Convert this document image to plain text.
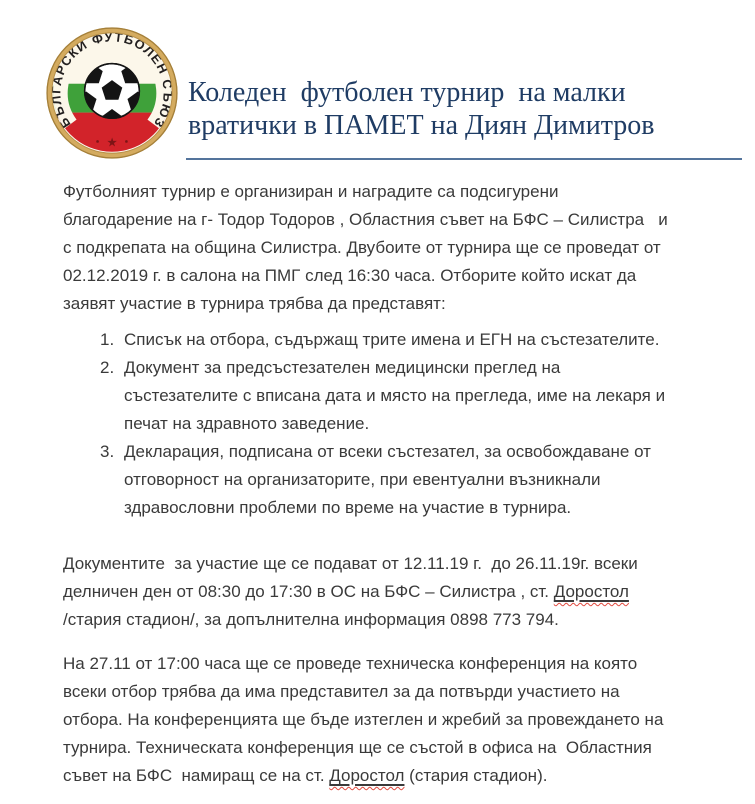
БЪЛГАРСКИ ФУТБОЛЕН СЪЮЗ
★
Коледен  футболен турнир  на малки
вратички в ПАМЕТ на Диян Димитров
Футболният турнир е организиран и наградите са подсигурени
благодарение на г- Тодор Тодоров , Областния съвет на БФС – Силистра   и
с подкрепата на община Силистра. Двубоите от турнира ще се проведат от
02.12.2019 г. в салона на ПМГ след 16:30 часа. Отборите който искат да
заявят участие в турнира трябва да представят:
1. Списък на отбора, съдържащ трите имена и ЕГН на състезателите.
2. Документ за предсъстезателен медицински преглед на
състезателите с вписана дата и място на прегледа, име на лекаря и
печат на здравното заведение.
3. Декларация, подписана от всеки състезател, за освобождаване от
отговорност на организаторите, при евентуални възникнали
здравословни проблеми по време на участие в турнира.
Документите  за участие ще се подават от 12.11.19 г.  до 26.11.19г. всеки
делничен ден от 08:30 до 17:30 в ОС на БФС – Силистра , ст. Доростол
/стария стадион/, за допълнителна информация 0898 773 794.
На 27.11 от 17:00 часа ще се проведе техническа конференция на която
всеки отбор трябва да има представител за да потвърди участието на
отбора. На конференцията ще бъде изтеглен и жребий за провеждането на
турнира. Техническата конференция ще се състой в офиса на  Областния
съвет на БФС  намиращ се на ст. Доростол (стария стадион).
